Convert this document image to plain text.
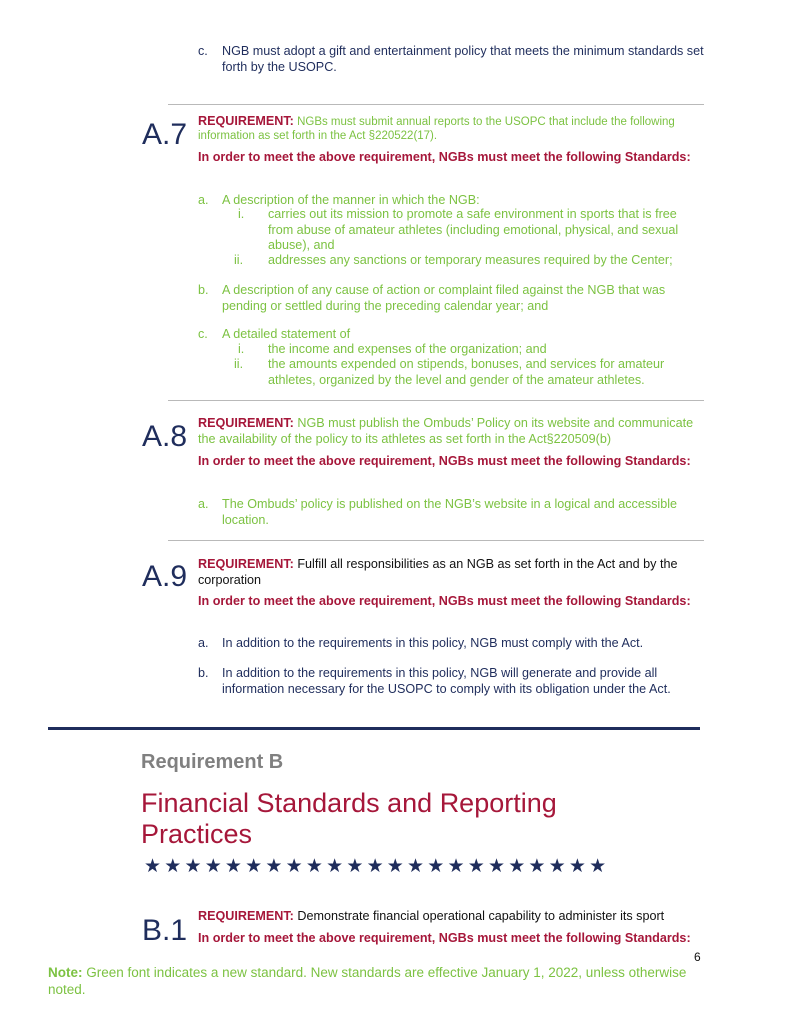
c. NGB must adopt a gift and entertainment policy that meets the minimum standards set forth by the USOPC.
A.7 REQUIREMENT: NGBs must submit annual reports to the USOPC that include the following information as set forth in the Act §220522(17).
In order to meet the above requirement, NGBs must meet the following Standards:
a. A description of the manner in which the NGB:
i. carries out its mission to promote a safe environment in sports that is free from abuse of amateur athletes (including emotional, physical, and sexual abuse), and
ii. addresses any sanctions or temporary measures required by the Center;
b. A description of any cause of action or complaint filed against the NGB that was pending or settled during the preceding calendar year; and
c. A detailed statement of
i. the income and expenses of the organization; and
ii. the amounts expended on stipends, bonuses, and services for amateur athletes, organized by the level and gender of the amateur athletes.
A.8 REQUIREMENT: NGB must publish the Ombuds’ Policy on its website and communicate the availability of the policy to its athletes as set forth in the Act§220509(b)
In order to meet the above requirement, NGBs must meet the following Standards:
a. The Ombuds’ policy is published on the NGB’s website in a logical and accessible location.
A.9 REQUIREMENT: Fulfill all responsibilities as an NGB as set forth in the Act and by the corporation
In order to meet the above requirement, NGBs must meet the following Standards:
a. In addition to the requirements in this policy, NGB must comply with the Act.
b. In addition to the requirements in this policy, NGB will generate and provide all information necessary for the USOPC to comply with its obligation under the Act.
Requirement B
Financial Standards and Reporting Practices
★★★★★★★★★★★★★★★★★★★★★★★
B.1 REQUIREMENT: Demonstrate financial operational capability to administer its sport
In order to meet the above requirement, NGBs must meet the following Standards:
6
Note: Green font indicates a new standard. New standards are effective January 1, 2022, unless otherwise noted.
